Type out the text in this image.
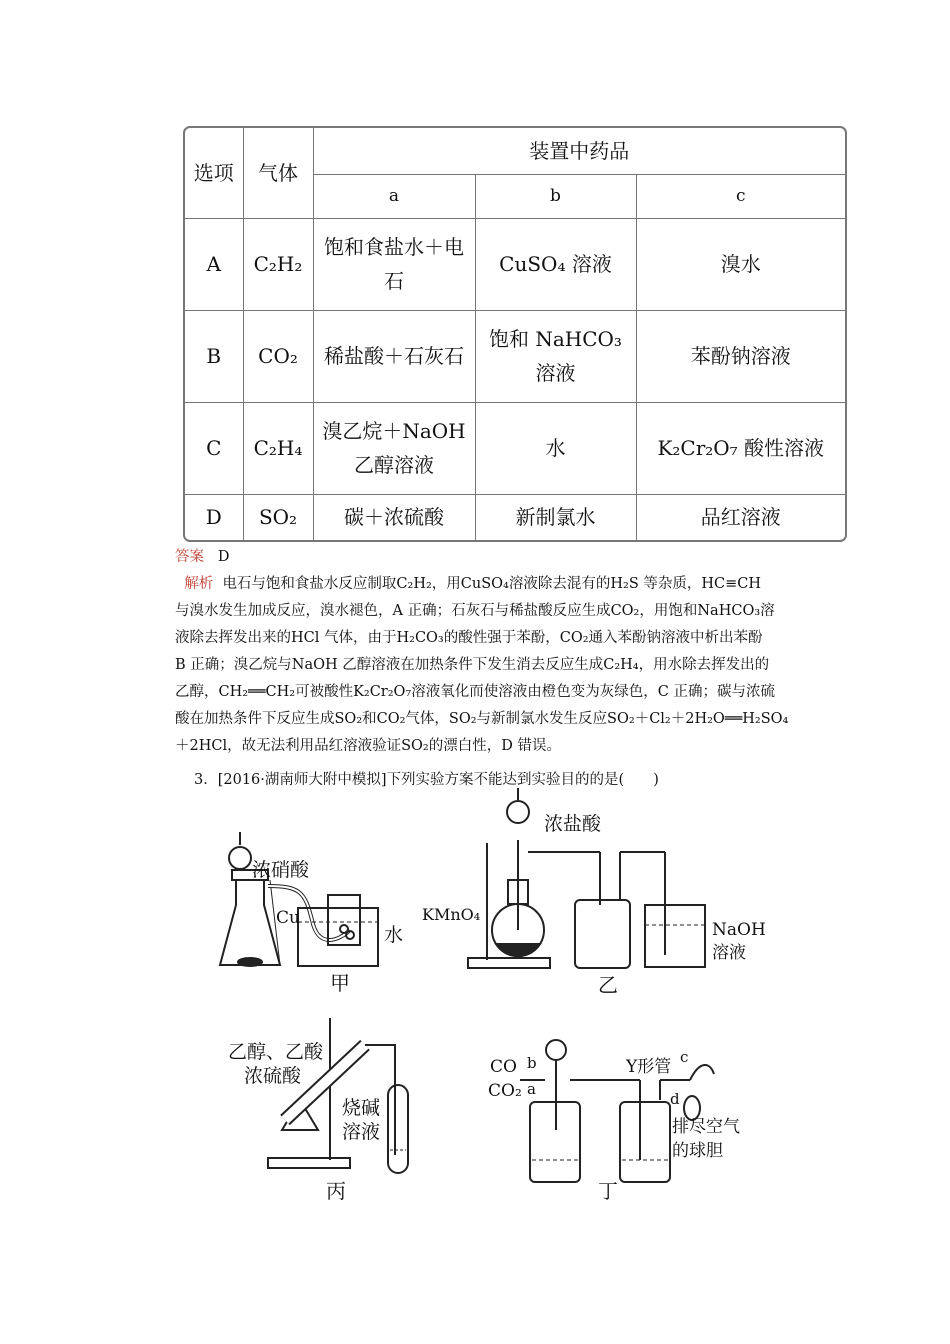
选项	气体	装置中药品		
		a	b	c
A	C₂H₂	饱和食盐水＋电石	CuSO₄ 溶液	溴水
B	CO₂	稀盐酸＋石灰石	饱和 NaHCO₃ 溶液	苯酚钠溶液
C	C₂H₄	溴乙烷＋NaOH 乙醇溶液	水	K₂Cr₂O₇ 酸性溶液
D	SO₂	碳＋浓硫酸	新制氯水	品红溶液
答案 D
解析 电石与饱和食盐水反应制取C₂H₂，用CuSO₄溶液除去混有的H₂S 等杂质，HC≡CH
与溴水发生加成反应，溴水褪色，A 正确；石灰石与稀盐酸反应生成CO₂，用饱和NaHCO₃溶
液除去挥发出来的HCl 气体，由于H₂CO₃的酸性强于苯酚，CO₂通入苯酚钠溶液中析出苯酚
B 正确；溴乙烷与NaOH 乙醇溶液在加热条件下发生消去反应生成C₂H₄，用水除去挥发出的
乙醇，CH₂══CH₂可被酸性K₂Cr₂O₇溶液氧化而使溶液由橙色变为灰绿色，C 正确；碳与浓硫
酸在加热条件下反应生成SO₂和CO₂气体，SO₂与新制氯水发生反应SO₂＋Cl₂＋2H₂O══H₂SO₄
＋2HCl，故无法利用品红溶液验证SO₂的漂白性，D 错误。
3．[2016·湖南师大附中模拟]下列实验方案不能达到实验目的的是(　　)
浓硝酸
Cu
水
甲
浓盐酸
KMnO₄
NaOH
溶液
乙
乙醇、乙酸
浓硫酸
烧碱
溶液
丙
CO
CO₂
b
a
Y形管 c
d
排尽空气
的球胆
丁
